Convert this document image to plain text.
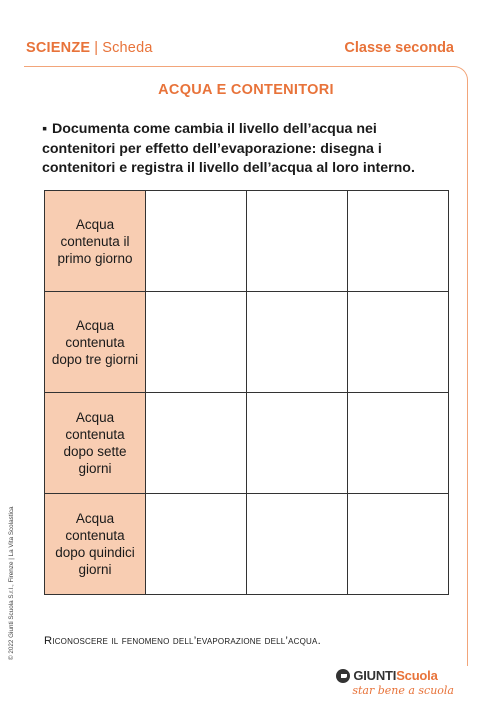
SCIENZE | Scheda	Classe seconda
ACQUA E CONTENITORI
▪ Documenta come cambia il livello dell’acqua nei contenitori per effetto dell’evaporazione: disegna i contenitori e registra il livello dell’acqua al loro interno.
Acqua contenuta il primo giorno			

Acqua contenuta dopo tre giorni			

Acqua contenuta dopo sette giorni			

Acqua contenuta dopo quindici giorni			

Riconoscere il fenomeno dell’evaporazione dell’acqua.
© 2022 Giunti Scuola S.r.l., Firenze | La Vita Scolastica
GIUNTIScuola
star bene a scuola
